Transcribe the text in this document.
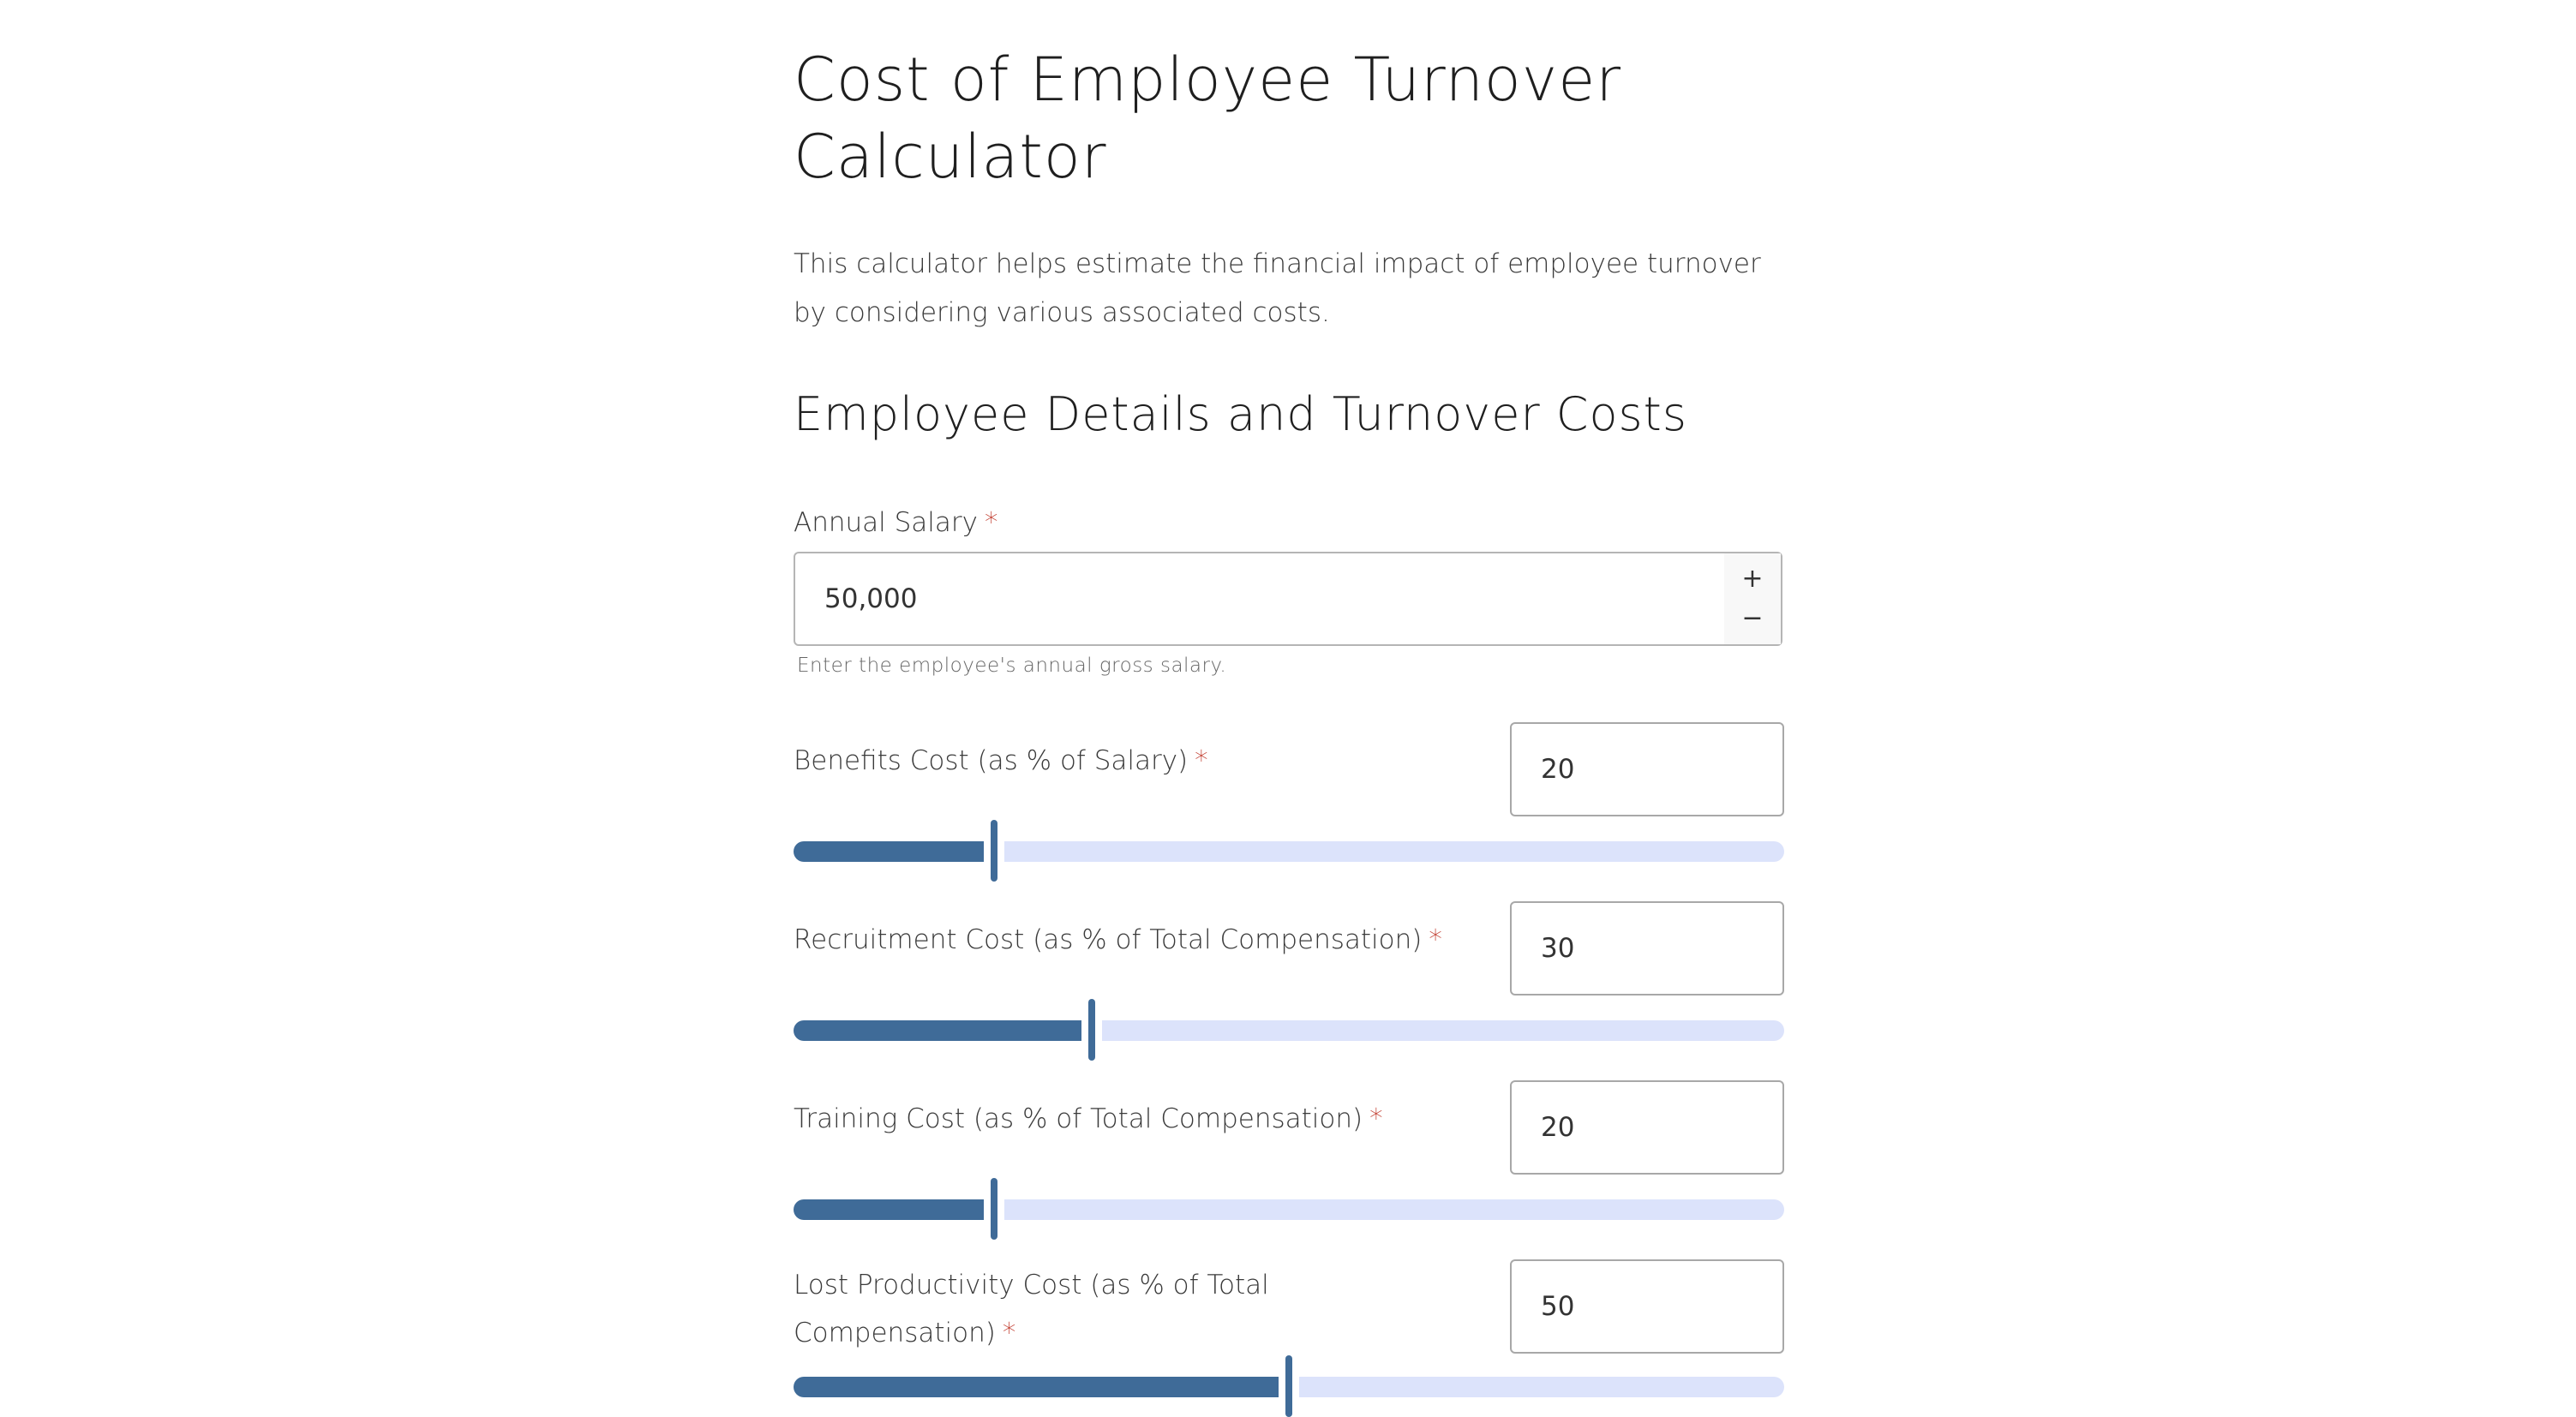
Cost of Employee Turnover Calculator

This calculator helps estimate the financial impact of employee turnover by considering various associated costs.

Employee Details and Turnover Costs
Annual Salary *
50,000
+
−
Enter the employee's annual gross salary.
Benefits Cost (as % of Salary) *	20
Recruitment Cost (as % of Total Compensation) *	30
Training Cost (as % of Total Compensation) *	20
Lost Productivity Cost (as % of Total Compensation) *
50
